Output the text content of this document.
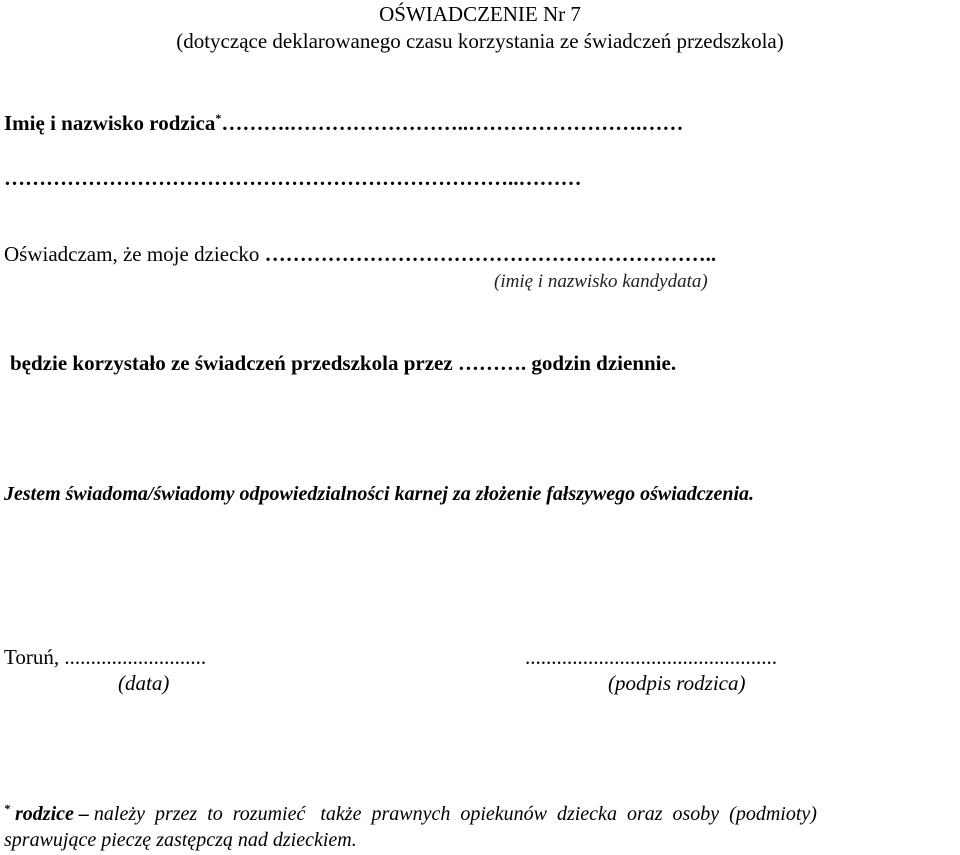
OŚWIADCZENIE Nr 7
(dotyczące deklarowanego czasu korzystania ze świadczeń przedszkola)
Imię i nazwisko rodzica*……….……………………..…………………….……
………………………………………………………………..………
Oświadczam, że moje dziecko ………………………………………………………..
(imię i nazwisko kandydata)
będzie korzystało ze świadczeń przedszkola przez ………. godzin dziennie.
Jestem świadoma/świadomy odpowiedzialności karnej za złożenie fałszywego oświadczenia.
Toruń, ...........................
(data)
................................................
(podpis rodzica)
* rodzice – należy  przez  to  rozumieć   także  prawnych  opiekunów  dziecka  oraz  osoby  (podmioty)
sprawujące pieczę zastępczą nad dzieckiem.
